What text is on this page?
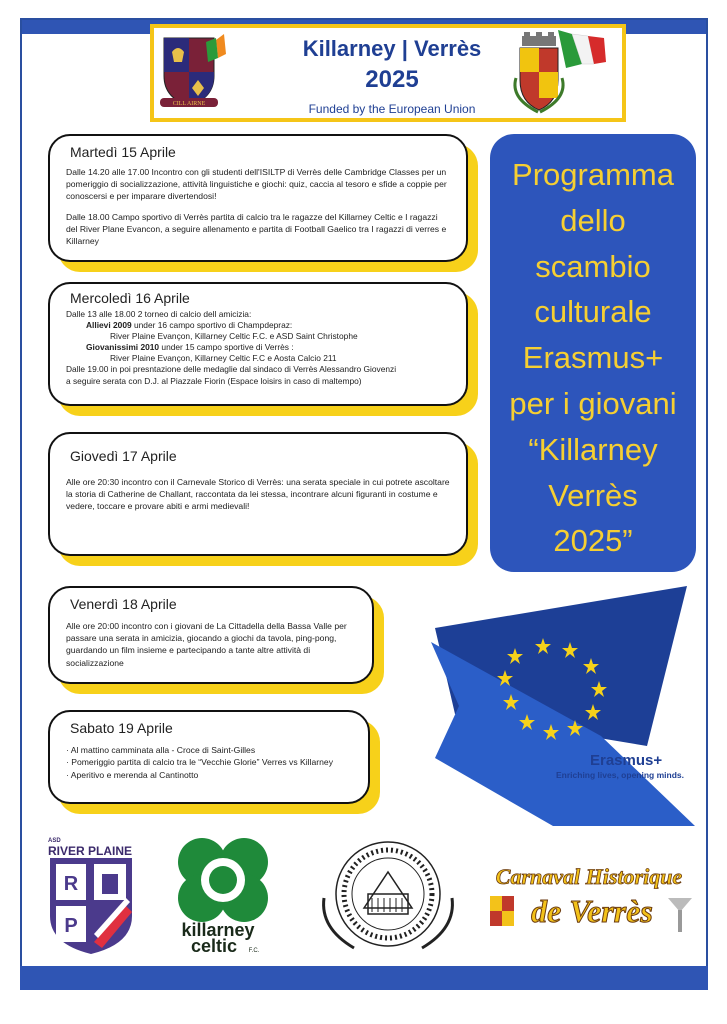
CILL AIRNE
Killarney | Verrès
2025
Funded by the European Union
Martedì 15 Aprile

Dalle 14.20 alle 17.00 Incontro con gli studenti dell'ISILTP di Verrès delle Cambridge Classes per un pomeriggio di socializzazione, attività linguistiche e giochi: quiz, caccia al tesoro e sfide a coppie per conoscersi e per imparare divertendosi!

Dalle 18.00 Campo sportivo di Verrès partita di calcio tra le ragazze del Killarney Celtic e I ragazzi del River Plane Evancon, a seguire allenamento e partita di Football Gaelico tra I ragazzi di verres e Killarney

Mercoledì 16 Aprile
Dalle 13 alle 18.00 2 torneo di calcio dell amicizia:
Allievi 2009 under 16 campo sportivo di Champdepraz:
River Plaine Evançon, Killarney Celtic F.C. e ASD Saint Christophe
Giovanissimi 2010 under 15 campo sportive di Verrès :
River Plaine Evançon, Killarney Celtic F.C e Aosta Calcio 211
Dalle 19.00 in poi presntazione delle medaglie dal sindaco di Verrès Alessandro Giovenzi
a seguire serata con D.J. al Piazzale Fiorin (Espace loisirs in caso di maltempo)
Giovedì 17 Aprile
Alle ore 20:30 incontro con il Carnevale Storico di Verrès: una serata speciale in cui potrete ascoltare la storia di Catherine de Challant, raccontata da lei stessa, incontrare alcuni figuranti in costume e vedere, toccare e provare abiti e armi medievali!
Venerdì 18 Aprile
Alle ore 20:00 incontro con i giovani de La Cittadella della Bassa Valle per passare una serata in amicizia, giocando a giochi da tavola, ping-pong, guardando un film insieme e partecipando a tante altre attività di socializzazione
Sabato 19 Aprile
· Al mattino camminata alla - Croce di Saint-Gilles
· Pomeriggio partita di calcio tra le “Vecchie Glorie” Verres vs Killarney
· Aperitivo e merenda al Cantinotto
Programma
dello
scambio
culturale
Erasmus+
per i giovani
“Killarney
Verrès
2025”
Erasmus+
Enriching lives, opening minds.
ASD
RIVER PLAINE
R
P	killarney
celtic F.C.
Carnaval Historique
de Verrès
